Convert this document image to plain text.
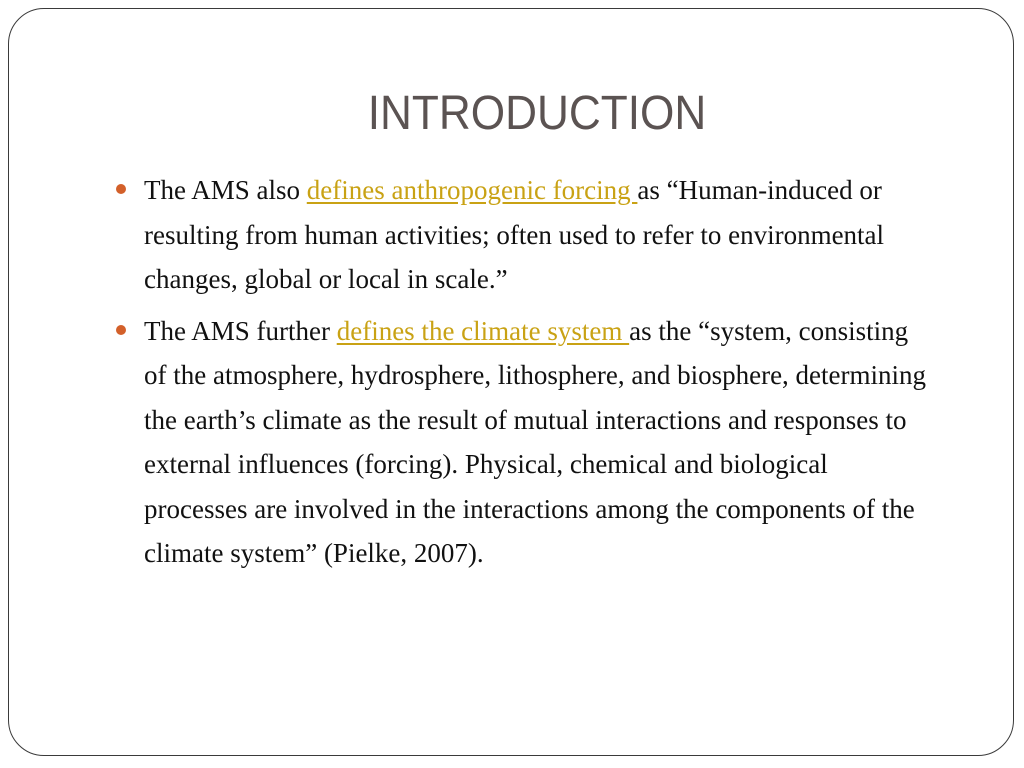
INTRODUCTION
The AMS also defines anthropogenic forcing as “Human-induced or resulting from human activities; often used to refer to environmental changes, global or local in scale.”
The AMS further defines the climate system as the “system, consisting of the atmosphere, hydrosphere, lithosphere, and biosphere, determining the earth’s climate as the result of mutual interactions and responses to external influences (forcing). Physical, chemical and biological processes are involved in the interactions among the components of the climate system” (Pielke, 2007).
